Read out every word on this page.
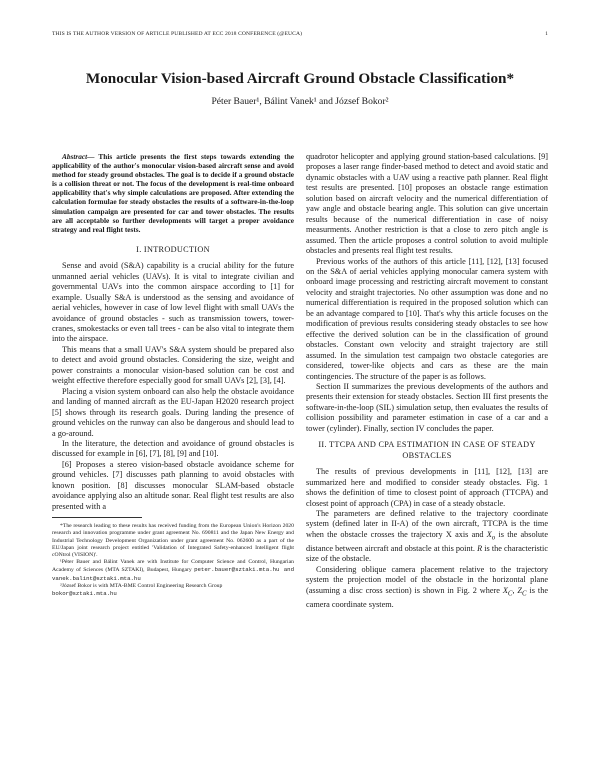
THIS IS THE AUTHOR VERSION OF ARTICLE PUBLISHED AT ECC 2018 CONFERENCE (@EUCA)	1
Monocular Vision-based Aircraft Ground Obstacle Classification*
Péter Bauer¹, Bálint Vanek¹ and József Bokor²

Abstract— This article presents the first steps towards extending the applicability of the author's monocular vision-based aircraft sense and avoid method for steady ground obstacles. The goal is to decide if a ground obstacle is a collision threat or not. The focus of the development is real-time onboard applicability that's why simple calculations are proposed. After extending the calculation formulae for steady obstacles the results of a software-in-the-loop simulation campaign are presented for car and tower obstacles. The results are all acceptable so further developments will target a proper avoidance strategy and real flight tests.

I. INTRODUCTION

Sense and avoid (S&A) capability is a crucial ability for the future unmanned aerial vehicles (UAVs). It is vital to integrate civilian and governmental UAVs into the common airspace according to [1] for example. Usually S&A is understood as the sensing and avoidance of aerial vehicles, however in case of low level flight with small UAVs the avoidance of ground obstacles - such as transmission towers, tower-cranes, smokestacks or even tall trees - can be also vital to integrate them into the airspace.

This means that a small UAV's S&A system should be prepared also to detect and avoid ground obstacles. Considering the size, weight and power constraints a monocular vision-based solution can be cost and weight effective therefore especially good for small UAVs [2], [3], [4].

Placing a vision system onboard can also help the obstacle avoidance and landing of manned aircraft as the EU-Japan H2020 research project [5] shows through its research goals. During landing the presence of ground vehicles on the runway can also be dangerous and should lead to a go-around.

In the literature, the detection and avoidance of ground obstacles is discussed for example in [6], [7], [8], [9] and [10].

[6] Proposes a stereo vision-based obstacle avoidance scheme for ground vehicles. [7] discusses path planning to avoid obstacles with known position. [8] discusses monocular SLAM-based obstacle avoidance applying also an altitude sonar. Real flight test results are also presented with a

*The research leading to these results has received funding from the European Union's Horizon 2020 research and innovation programme under grant agreement No. 690811 and the Japan New Energy and Industrial Technology Development Organization under grant agreement No. 062600 as a part of the EU/Japan joint research project entitled 'Validation of Integrated Safety-enhanced Intelligent flight cONtrol (VISION)'.

¹Péter Bauer and Bálint Vanek are with Institute for Computer Science and Control, Hungarian Academy of Sciences (MTA SZTAKI), Budapest, Hungary peter.bauer@sztaki.mta.hu and vanek.balint@sztaki.mta.hu

²József Bokor is with MTA-BME Control Engineering Research Group

bokor@sztaki.mta.hu

quadrotor helicopter and applying ground station-based calculations. [9] proposes a laser range finder-based method to detect and avoid static and dynamic obstacles with a UAV using a reactive path planner. Real flight test results are presented. [10] proposes an obstacle range estimation solution based on aircraft velocity and the numerical differentiation of yaw angle and obstacle bearing angle. This solution can give uncertain results because of the numerical differentiation in case of noisy measurments. Another restriction is that a close to zero pitch angle is assumed. Then the article proposes a control solution to avoid multiple obstacles and presents real flight test results.

Previous works of the authors of this article [11], [12], [13] focused on the S&A of aerial vehicles applying monocular camera system with onboard image processing and restricting aircraft movement to constant velocity and straight trajectories. No other assumption was done and no numerical differentiation is required in the proposed solution which can be an advantage compared to [10]. That's why this article focuses on the modification of previous results considering steady obstacles to see how effective the derived solution can be in the classification of ground obstacles. Constant own velocity and straight trajectory are still assumed. In the simulation test campaign two obstacle categories are considered, tower-like objects and cars as these are the main contingencies. The structure of the paper is as follows.

Section II summarizes the previous developments of the authors and presents their extension for steady obstacles. Section III first presents the software-in-the-loop (SIL) simulation setup, then evaluates the results of collision possibility and parameter estimation in case of a car and a tower (cylinder). Finally, section IV concludes the paper.

II. TTCPA AND CPA ESTIMATION IN CASE OF STEADY OBSTACLES

The results of previous developments in [11], [12], [13] are summarized here and modified to consider steady obstacles. Fig. 1 shows the definition of time to closest point of approach (TTCPA) and closest point of approach (CPA) in case of a steady obstacle.

The parameters are defined relative to the trajectory coordinate system (defined later in II-A) of the own aircraft, TTCPA is the time when the obstacle crosses the trajectory X axis and $X_o$ is the absolute distance between aircraft and obstacle at this point. R is the characteristic size of the obstacle.

Considering oblique camera placement relative to the trajectory system the projection model of the obstacle in the horizontal plane (assuming a disc cross section) is shown in Fig. 2 where $X_C$, $Z_C$ is the camera coordinate system.
